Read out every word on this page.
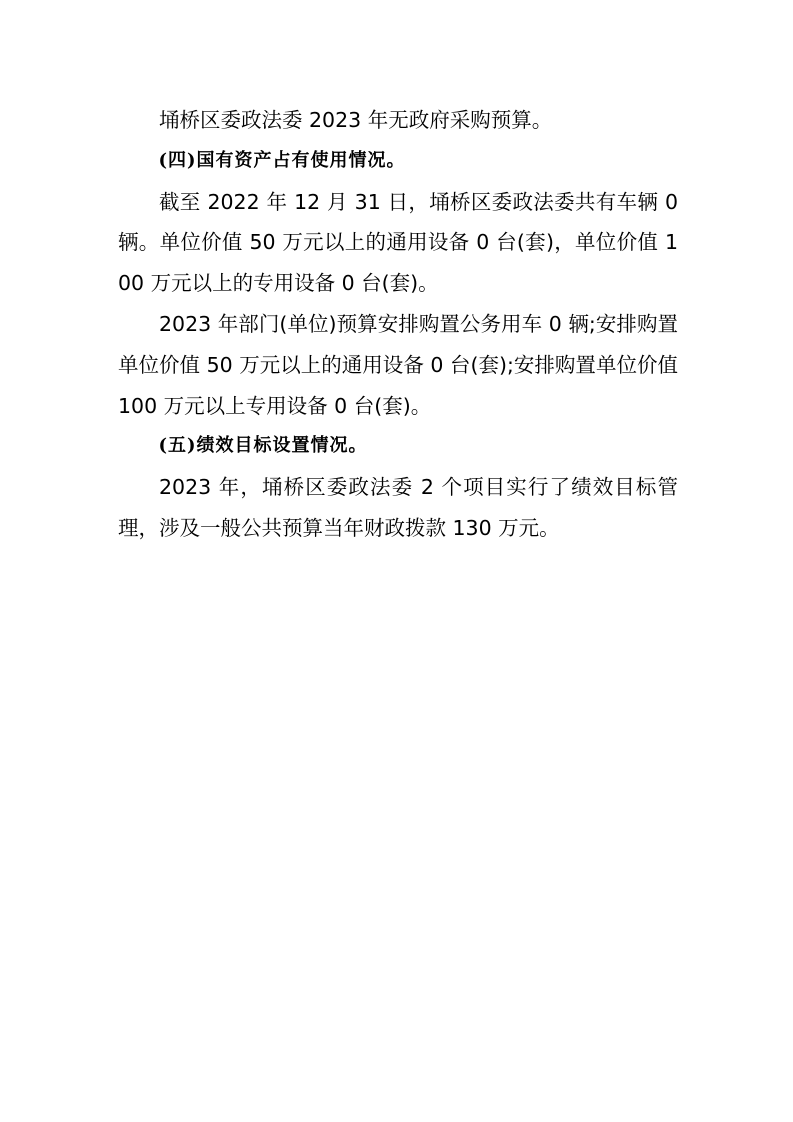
埇桥区委政法委 2023 年无政府采购预算。

(四)国有资产占有使用情况。

截至 2022 年 12 月 31 日，埇桥区委政法委共有车辆 0 辆。单位价值 50 万元以上的通用设备 0 台(套)，单位价值 100 万元以上的专用设备 0 台(套)。

2023 年部门(单位)预算安排购置公务用车 0 辆;安排购置单位价值 50 万元以上的通用设备 0 台(套);安排购置单位价值 100 万元以上专用设备 0 台(套)。

(五)绩效目标设置情况。

2023 年，埇桥区委政法委 2 个项目实行了绩效目标管理，涉及一般公共预算当年财政拨款 130 万元。
